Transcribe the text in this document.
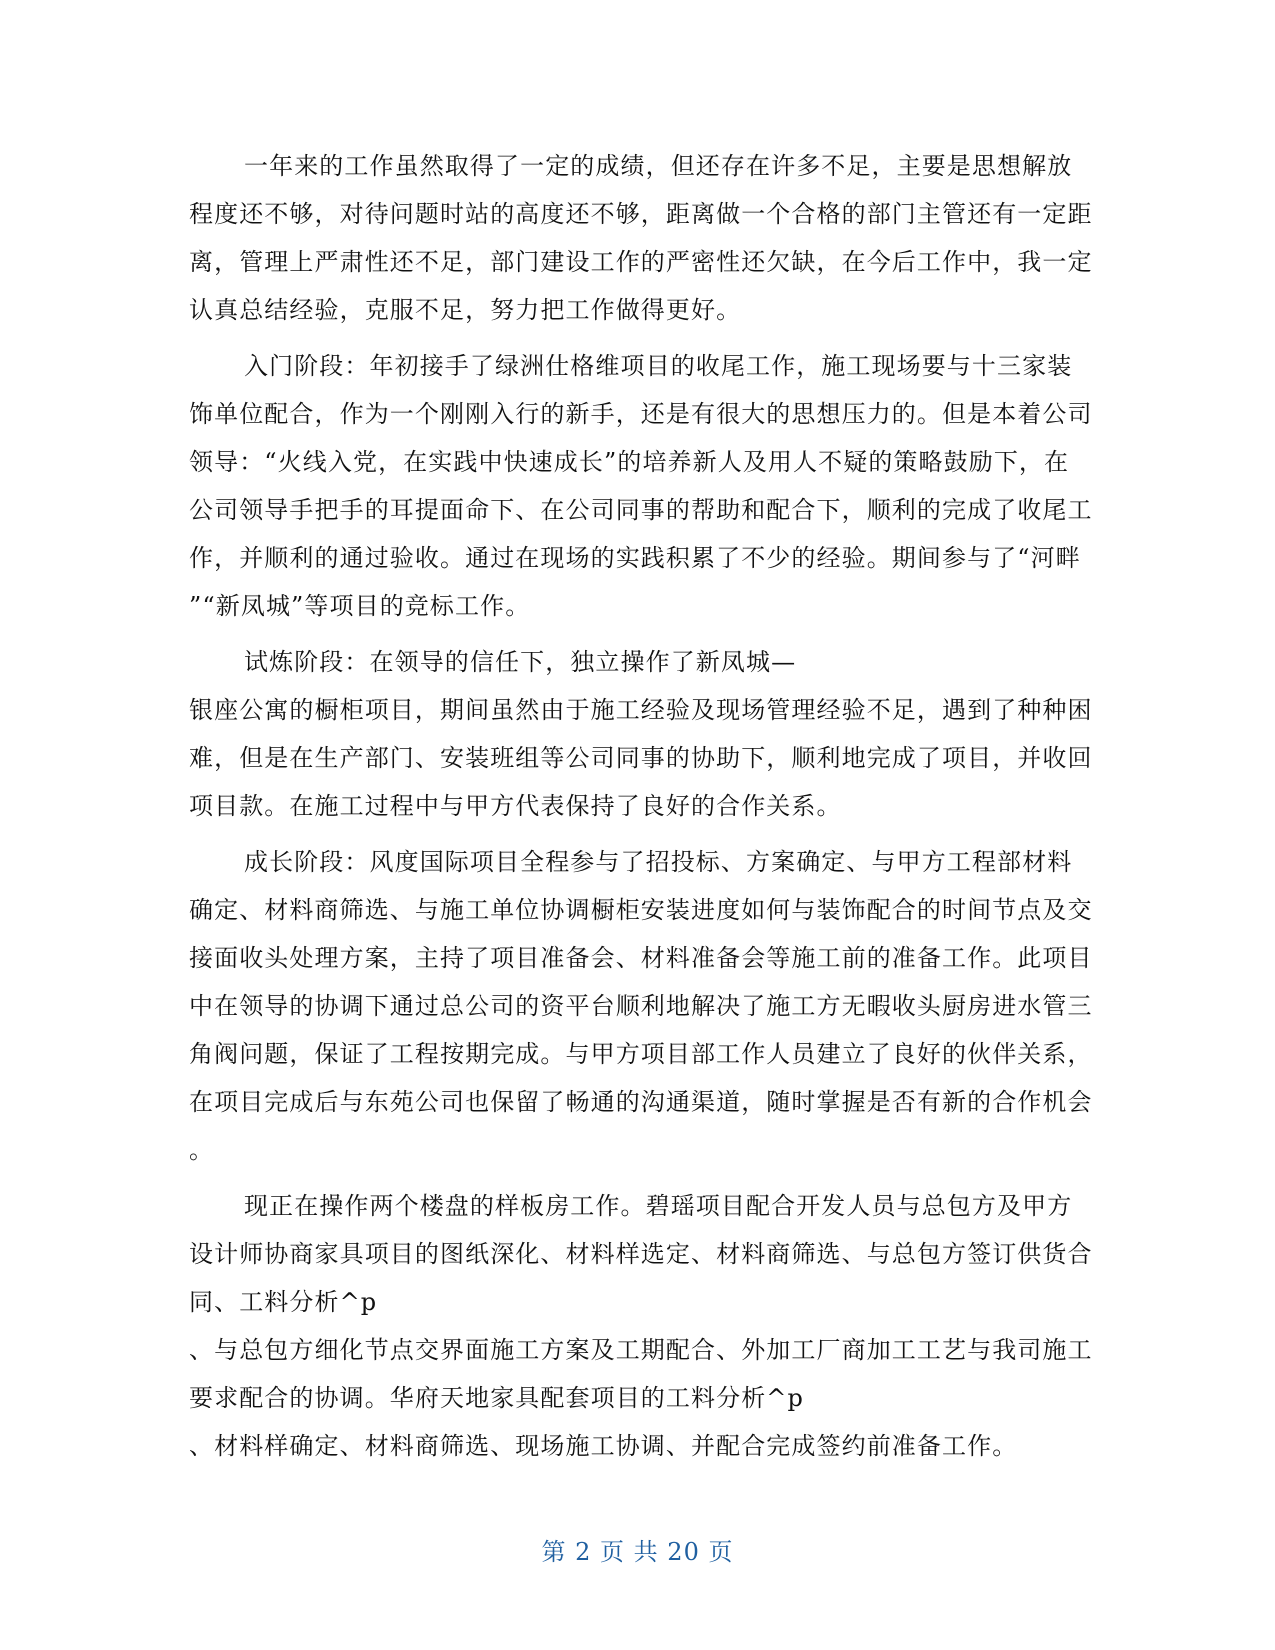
一年来的工作虽然取得了一定的成绩，但还存在许多不足，主要是思想解放
程度还不够，对待问题时站的高度还不够，距离做一个合格的部门主管还有一定距
离，管理上严肃性还不足，部门建设工作的严密性还欠缺，在今后工作中，我一定
认真总结经验，克服不足，努力把工作做得更好。
入门阶段：年初接手了绿洲仕格维项目的收尾工作，施工现场要与十三家装
饰单位配合，作为一个刚刚入行的新手，还是有很大的思想压力的。但是本着公司
领导：“火线入党，在实践中快速成长”的培养新人及用人不疑的策略鼓励下，在
公司领导手把手的耳提面命下、在公司同事的帮助和配合下，顺利的完成了收尾工
作，并顺利的通过验收。通过在现场的实践积累了不少的经验。期间参与了“河畔
”“新凤城”等项目的竞标工作。
试炼阶段：在领导的信任下，独立操作了新凤城—
银座公寓的橱柜项目，期间虽然由于施工经验及现场管理经验不足，遇到了种种困
难，但是在生产部门、安装班组等公司同事的协助下，顺利地完成了项目，并收回
项目款。在施工过程中与甲方代表保持了良好的合作关系。
成长阶段：风度国际项目全程参与了招投标、方案确定、与甲方工程部材料
确定、材料商筛选、与施工单位协调橱柜安装进度如何与装饰配合的时间节点及交
接面收头处理方案，主持了项目准备会、材料准备会等施工前的准备工作。此项目
中在领导的协调下通过总公司的资平台顺利地解决了施工方无暇收头厨房进水管三
角阀问题，保证了工程按期完成。与甲方项目部工作人员建立了良好的伙伴关系，
在项目完成后与东苑公司也保留了畅通的沟通渠道，随时掌握是否有新的合作机会
。
现正在操作两个楼盘的样板房工作。碧瑶项目配合开发人员与总包方及甲方
设计师协商家具项目的图纸深化、材料样选定、材料商筛选、与总包方签订供货合
同、工料分析^p
、与总包方细化节点交界面施工方案及工期配合、外加工厂商加工工艺与我司施工
要求配合的协调。华府天地家具配套项目的工料分析^p
、材料样确定、材料商筛选、现场施工协调、并配合完成签约前准备工作。
第 2 页 共 20 页
